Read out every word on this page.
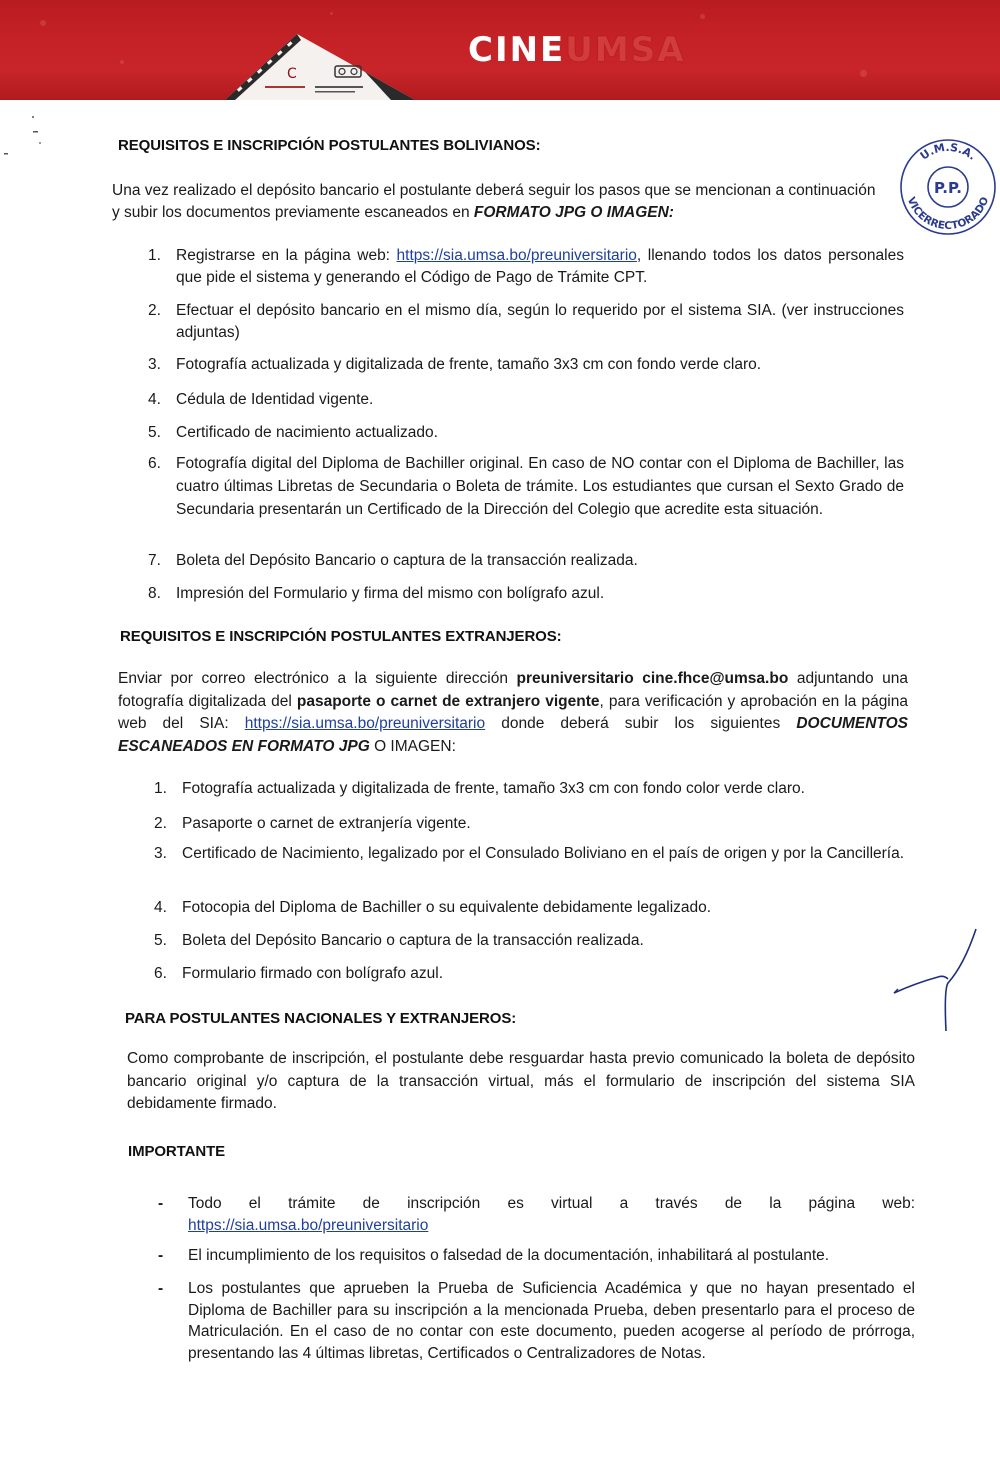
C
CINEUMSA
U.M.S.A.
P.P.
VICERRECTORADO
REQUISITOS E INSCRIPCIÓN POSTULANTES BOLIVIANOS:
Una vez realizado el depósito bancario el postulante deberá seguir los pasos que se mencionan a continuación
y subir los documentos previamente escaneados en FORMATO JPG O IMAGEN:
1. Registrarse en la página web: https://sia.umsa.bo/preuniversitario, llenando todos los datos personales que pide el sistema y generando el Código de Pago de Trámite CPT.
2. Efectuar el depósito bancario en el mismo día, según lo requerido por el sistema SIA. (ver instrucciones adjuntas)
3. Fotografía actualizada y digitalizada de frente, tamaño 3x3 cm con fondo verde claro.
4. Cédula de Identidad vigente.
5. Certificado de nacimiento actualizado.
6. Fotografía digital del Diploma de Bachiller original. En caso de NO contar con el Diploma de Bachiller, las cuatro últimas Libretas de Secundaria o Boleta de trámite. Los estudiantes que cursan el Sexto Grado de Secundaria presentarán un Certificado de la Dirección del Colegio que acredite esta situación.
7. Boleta del Depósito Bancario o captura de la transacción realizada.
8. Impresión del Formulario y firma del mismo con bolígrafo azul.
REQUISITOS E INSCRIPCIÓN POSTULANTES EXTRANJEROS:
Enviar por correo electrónico a la siguiente dirección preuniversitario cine.fhce@umsa.bo adjuntando una fotografía digitalizada del pasaporte o carnet de extranjero vigente, para verificación y aprobación en la página web del SIA: https://sia.umsa.bo/preuniversitario donde deberá subir los siguientes DOCUMENTOS ESCANEADOS EN FORMATO JPG O IMAGEN:
1. Fotografía actualizada y digitalizada de frente, tamaño 3x3 cm con fondo color verde claro.
2. Pasaporte o carnet de extranjería vigente.
3. Certificado de Nacimiento, legalizado por el Consulado Boliviano en el país de origen y por la Cancillería.
4. Fotocopia del Diploma de Bachiller o su equivalente debidamente legalizado.
5. Boleta del Depósito Bancario o captura de la transacción realizada.
6. Formulario firmado con bolígrafo azul.
PARA POSTULANTES NACIONALES Y EXTRANJEROS:
Como comprobante de inscripción, el postulante debe resguardar hasta previo comunicado la boleta de depósito bancario original y/o captura de la transacción virtual, más el formulario de inscripción del sistema SIA debidamente firmado.
IMPORTANTE
- Todo el trámite de inscripción es virtual a través de la página web:
https://sia.umsa.bo/preuniversitario
- El incumplimiento de los requisitos o falsedad de la documentación, inhabilitará al postulante.
- Los postulantes que aprueben la Prueba de Suficiencia Académica y que no hayan presentado el Diploma de Bachiller para su inscripción a la mencionada Prueba, deben presentarlo para el proceso de Matriculación. En el caso de no contar con este documento, pueden acogerse al período de prórroga, presentando las 4 últimas libretas, Certificados o Centralizadores de Notas.
